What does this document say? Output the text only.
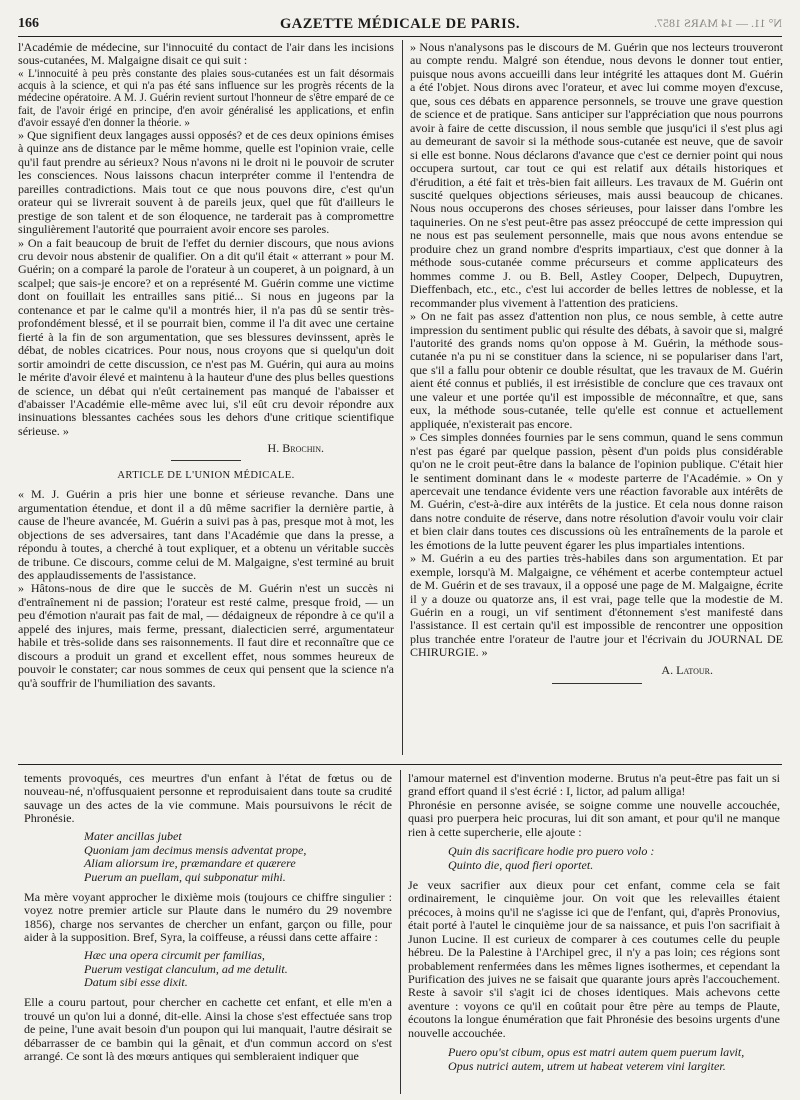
166	GAZETTE MÉDICALE DE PARIS.	N° 11. — 14 MARS 1857.

l'Académie de médecine, sur l'innocuité du contact de l'air dans les incisions sous-cutanées, M. Malgaigne disait ce qui suit :

« L'innocuité à peu près constante des plaies sous-cutanées est un fait désormais acquis à la science, et qui n'a pas été sans influence sur les progrès récents de la médecine opératoire. A M. J. Guérin revient surtout l'honneur de s'être emparé de ce fait, de l'avoir érigé en principe, d'en avoir généralisé les applications, et enfin d'avoir essayé d'en donner la théorie. »

» Que signifient deux langages aussi opposés? et de ces deux opinions émises à quinze ans de distance par le même homme, quelle est l'opinion vraie, celle qu'il faut prendre au sérieux? Nous n'avons ni le droit ni le pouvoir de scruter les consciences. Nous laissons chacun interpréter comme il l'entendra de pareilles contradictions. Mais tout ce que nous pouvons dire, c'est qu'un orateur qui se livrerait souvent à de pareils jeux, quel que fût d'ailleurs le prestige de son talent et de son éloquence, ne tarderait pas à compromettre singulièrement l'autorité que pourraient avoir encore ses paroles.

» On a fait beaucoup de bruit de l'effet du dernier discours, que nous avions cru devoir nous abstenir de qualifier. On a dit qu'il était « atterrant » pour M. Guérin; on a comparé la parole de l'orateur à un couperet, à un poignard, à un scalpel; que sais-je encore? et on a représenté M. Guérin comme une victime dont on fouillait les entrailles sans pitié... Si nous en jugeons par la contenance et par le calme qu'il a montrés hier, il n'a pas dû se sentir très-profondément blessé, et il se pourrait bien, comme il l'a dit avec une certaine fierté à la fin de son argumentation, que ses blessures devinssent, après le débat, de nobles cicatrices. Pour nous, nous croyons que si quelqu'un doit sortir amoindri de cette discussion, ce n'est pas M. Guérin, qui aura au moins le mérite d'avoir élevé et maintenu à la hauteur d'une des plus belles questions de science, un débat qui n'eût certainement pas manqué de l'abaisser et d'abaisser l'Académie elle-même avec lui, s'il eût cru devoir répondre aux insinuations blessantes cachées sous les dehors d'une critique scientifique sérieuse. »

H. Brochin.
ARTICLE DE L'UNION MÉDICALE.

« M. J. Guérin a pris hier une bonne et sérieuse revanche. Dans une argumentation étendue, et dont il a dû même sacrifier la dernière partie, à cause de l'heure avancée, M. Guérin a suivi pas à pas, presque mot à mot, les objections de ses adversaires, tant dans l'Académie que dans la presse, a répondu à toutes, a cherché à tout expliquer, et a obtenu un véritable succès de tribune. Ce discours, comme celui de M. Malgaigne, s'est terminé au bruit des applaudissements de l'assistance.

» Hâtons-nous de dire que le succès de M. Guérin n'est un succès ni d'entraînement ni de passion; l'orateur est resté calme, presque froid, — un peu d'émotion n'aurait pas fait de mal, — dédaigneux de répondre à ce qu'il a appelé des injures, mais ferme, pressant, dialecticien serré, argumentateur habile et très-solide dans ses raisonnements. Il faut dire et reconnaître que ce discours a produit un grand et excellent effet, nous sommes heureux de pouvoir le constater; car nous sommes de ceux qui pensent que la science n'a qu'à souffrir de l'humiliation des savants.

» Nous n'analysons pas le discours de M. Guérin que nos lecteurs trouveront au compte rendu. Malgré son étendue, nous devons le donner tout entier, puisque nous avons accueilli dans leur intégrité les attaques dont M. Guérin a été l'objet. Nous dirons avec l'orateur, et avec lui comme moyen d'excuse, que, sous ces débats en apparence personnels, se trouve une grave question de science et de pratique. Sans anticiper sur l'appréciation que nous pourrons avoir à faire de cette discussion, il nous semble que jusqu'ici il s'est plus agi au demeurant de savoir si la méthode sous-cutanée est neuve, que de savoir si elle est bonne. Nous déclarons d'avance que c'est ce dernier point qui nous occupera surtout, car tout ce qui est relatif aux détails historiques et d'érudition, a été fait et très-bien fait ailleurs. Les travaux de M. Guérin ont suscité quelques objections sérieuses, mais aussi beaucoup de chicanes. Nous nous occuperons des choses sérieuses, pour laisser dans l'ombre les taquineries. On ne s'est peut-être pas assez préoccupé de cette impression qui ne nous est pas seulement personnelle, mais que nous avons entendue se produire chez un grand nombre d'esprits impartiaux, c'est que donner à la méthode sous-cutanée comme précurseurs et comme applicateurs des hommes comme J. ou B. Bell, Astley Cooper, Delpech, Dupuytren, Dieffenbach, etc., etc., c'est lui accorder de belles lettres de noblesse, et la recommander plus vivement à l'attention des praticiens.

» On ne fait pas assez d'attention non plus, ce nous semble, à cette autre impression du sentiment public qui résulte des débats, à savoir que si, malgré l'autorité des grands noms qu'on oppose à M. Guérin, la méthode sous-cutanée n'a pu ni se constituer dans la science, ni se populariser dans l'art, que s'il a fallu pour obtenir ce double résultat, que les travaux de M. Guérin aient été connus et publiés, il est irrésistible de conclure que ces travaux ont une valeur et une portée qu'il est impossible de méconnaître, et que, sans eux, la méthode sous-cutanée, telle qu'elle est connue et actuellement appliquée, n'existerait pas encore.

» Ces simples données fournies par le sens commun, quand le sens commun n'est pas égaré par quelque passion, pèsent d'un poids plus considérable qu'on ne le croit peut-être dans la balance de l'opinion publique. C'était hier le sentiment dominant dans le « modeste parterre de l'Académie. » On y apercevait une tendance évidente vers une réaction favorable aux intérêts de M. Guérin, c'est-à-dire aux intérêts de la justice. Et cela nous donne raison dans notre conduite de réserve, dans notre résolution d'avoir voulu voir clair et bien clair dans toutes ces discussions où les entraînements de la parole et les émotions de la lutte peuvent égarer les plus impartiales intentions.

» M. Guérin a eu des parties très-habiles dans son argumentation. Et par exemple, lorsqu'à M. Malgaigne, ce véhément et acerbe contempteur actuel de M. Guérin et de ses travaux, il a opposé une page de M. Malgaigne, écrite il y a douze ou quatorze ans, il est vrai, page telle que la modestie de M. Guérin en a rougi, un vif sentiment d'étonnement s'est manifesté dans l'assistance. Il est certain qu'il est impossible de rencontrer une opposition plus tranchée entre l'orateur de l'autre jour et l'écrivain du JOURNAL DE CHIRURGIE. »

A. Latour.

tements provoqués, ces meurtres d'un enfant à l'état de fœtus ou de nouveau-né, n'offusquaient personne et reproduisaient dans toute sa crudité sauvage un des actes de la vie commune. Mais poursuivons le récit de Phronésie.

Mater ancillas jubet
Quoniam jam decimus mensis adventat prope,
Aliam aliorsum ire, præmandare et quærere
Puerum an puellam, qui subponatur mihi.

Ma mère voyant approcher le dixième mois (toujours ce chiffre singulier : voyez notre premier article sur Plaute dans le numéro du 29 novembre 1856), charge nos servantes de chercher un enfant, garçon ou fille, pour aider à la supposition. Bref, Syra, la coiffeuse, a réussi dans cette affaire :

Hæc una opera circumit per familias,
Puerum vestigat clanculum, ad me detulit.
Datum sibi esse dixit.

Elle a couru partout, pour chercher en cachette cet enfant, et elle m'en a trouvé un qu'on lui a donné, dit-elle. Ainsi la chose s'est effectuée sans trop de peine, l'une avait besoin d'un poupon qui lui manquait, l'autre désirait se débarrasser de ce bambin qui la gênait, et d'un commun accord on s'est arrangé. Ce sont là des mœurs antiques qui sembleraient indiquer que

l'amour maternel est d'invention moderne. Brutus n'a peut-être pas fait un si grand effort quand il s'est écrié : I, lictor, ad palum alliga!

Phronésie en personne avisée, se soigne comme une nouvelle accouchée, quasi pro puerpera heic procuras, lui dit son amant, et pour qu'il ne manque rien à cette supercherie, elle ajoute :

Quin dis sacrificare hodie pro puero volo :
Quinto die, quod fieri oportet.

Je veux sacrifier aux dieux pour cet enfant, comme cela se fait ordinairement, le cinquième jour. On voit que les relevailles étaient précoces, à moins qu'il ne s'agisse ici que de l'enfant, qui, d'après Pronovius, était porté à l'autel le cinquième jour de sa naissance, et puis l'on sacrifiait à Junon Lucine. Il est curieux de comparer à ces coutumes celle du peuple hébreu. De la Palestine à l'Archipel grec, il n'y a pas loin; ces régions sont probablement renfermées dans les mêmes lignes isothermes, et cependant la Purification des juives ne se faisait que quarante jours après l'accouchement. Reste à savoir s'il s'agit ici de choses identiques. Mais achevons cette aventure : voyons ce qu'il en coûtait pour être père au temps de Plaute, écoutons la longue énumération que fait Phronésie des besoins urgents d'une nouvelle accouchée.

Puero opu'st cibum, opus est matri autem quem puerum lavit,
Opus nutrici autem, utrem ut habeat veterem vini largiter.
